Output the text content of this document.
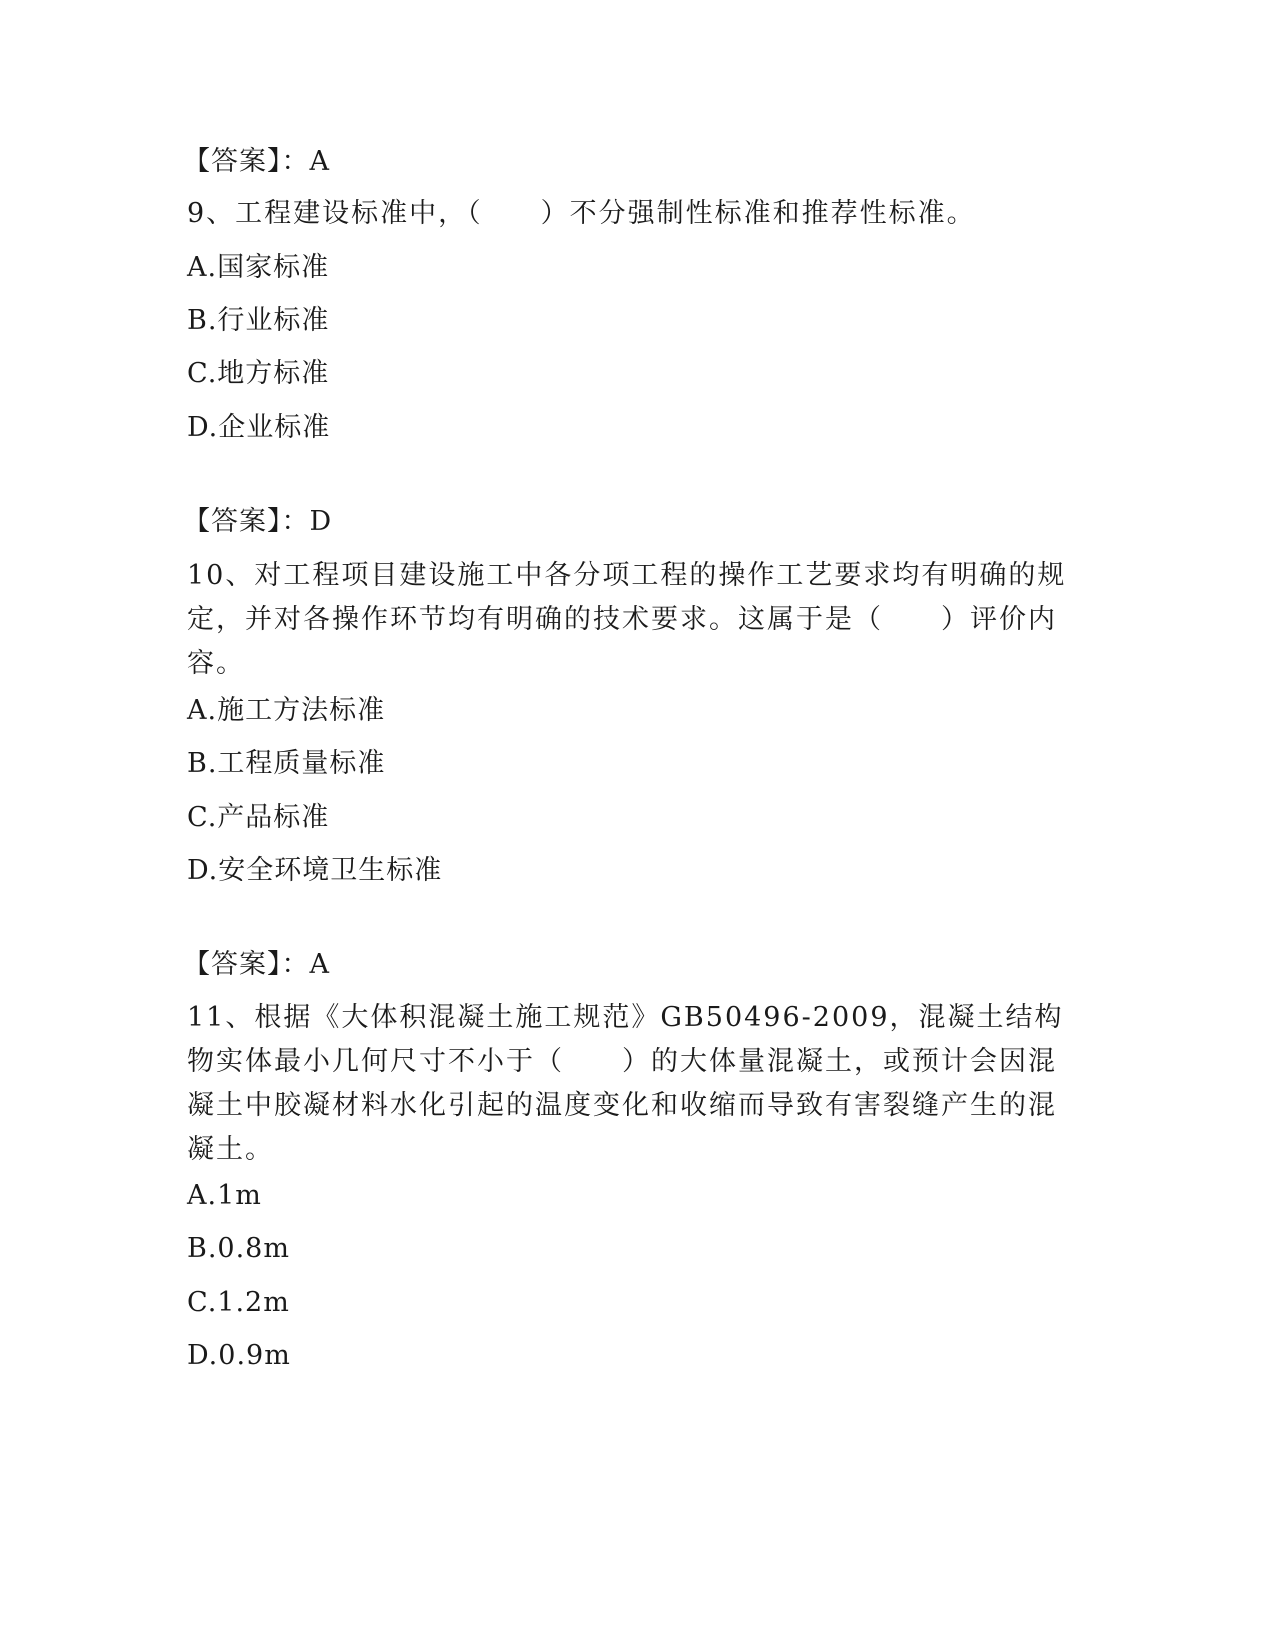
【答案】：A
9、工程建设标准中，（　　）不分强制性标准和推荐性标准。
A.国家标准
B.行业标准
C.地方标准
D.企业标准
【答案】：D
10、对工程项目建设施工中各分项工程的操作工艺要求均有明确的规定，并对各操作环节均有明确的技术要求。这属于是（　　）评价内容。
A.施工方法标准
B.工程质量标准
C.产品标准
D.安全环境卫生标准
【答案】：A
11、根据《大体积混凝土施工规范》GB50496-2009，混凝土结构物实体最小几何尺寸不小于（　　）的大体量混凝土，或预计会因混凝土中胶凝材料水化引起的温度变化和收缩而导致有害裂缝产生的混凝土。
A.1m
B.0.8m
C.1.2m
D.0.9m
